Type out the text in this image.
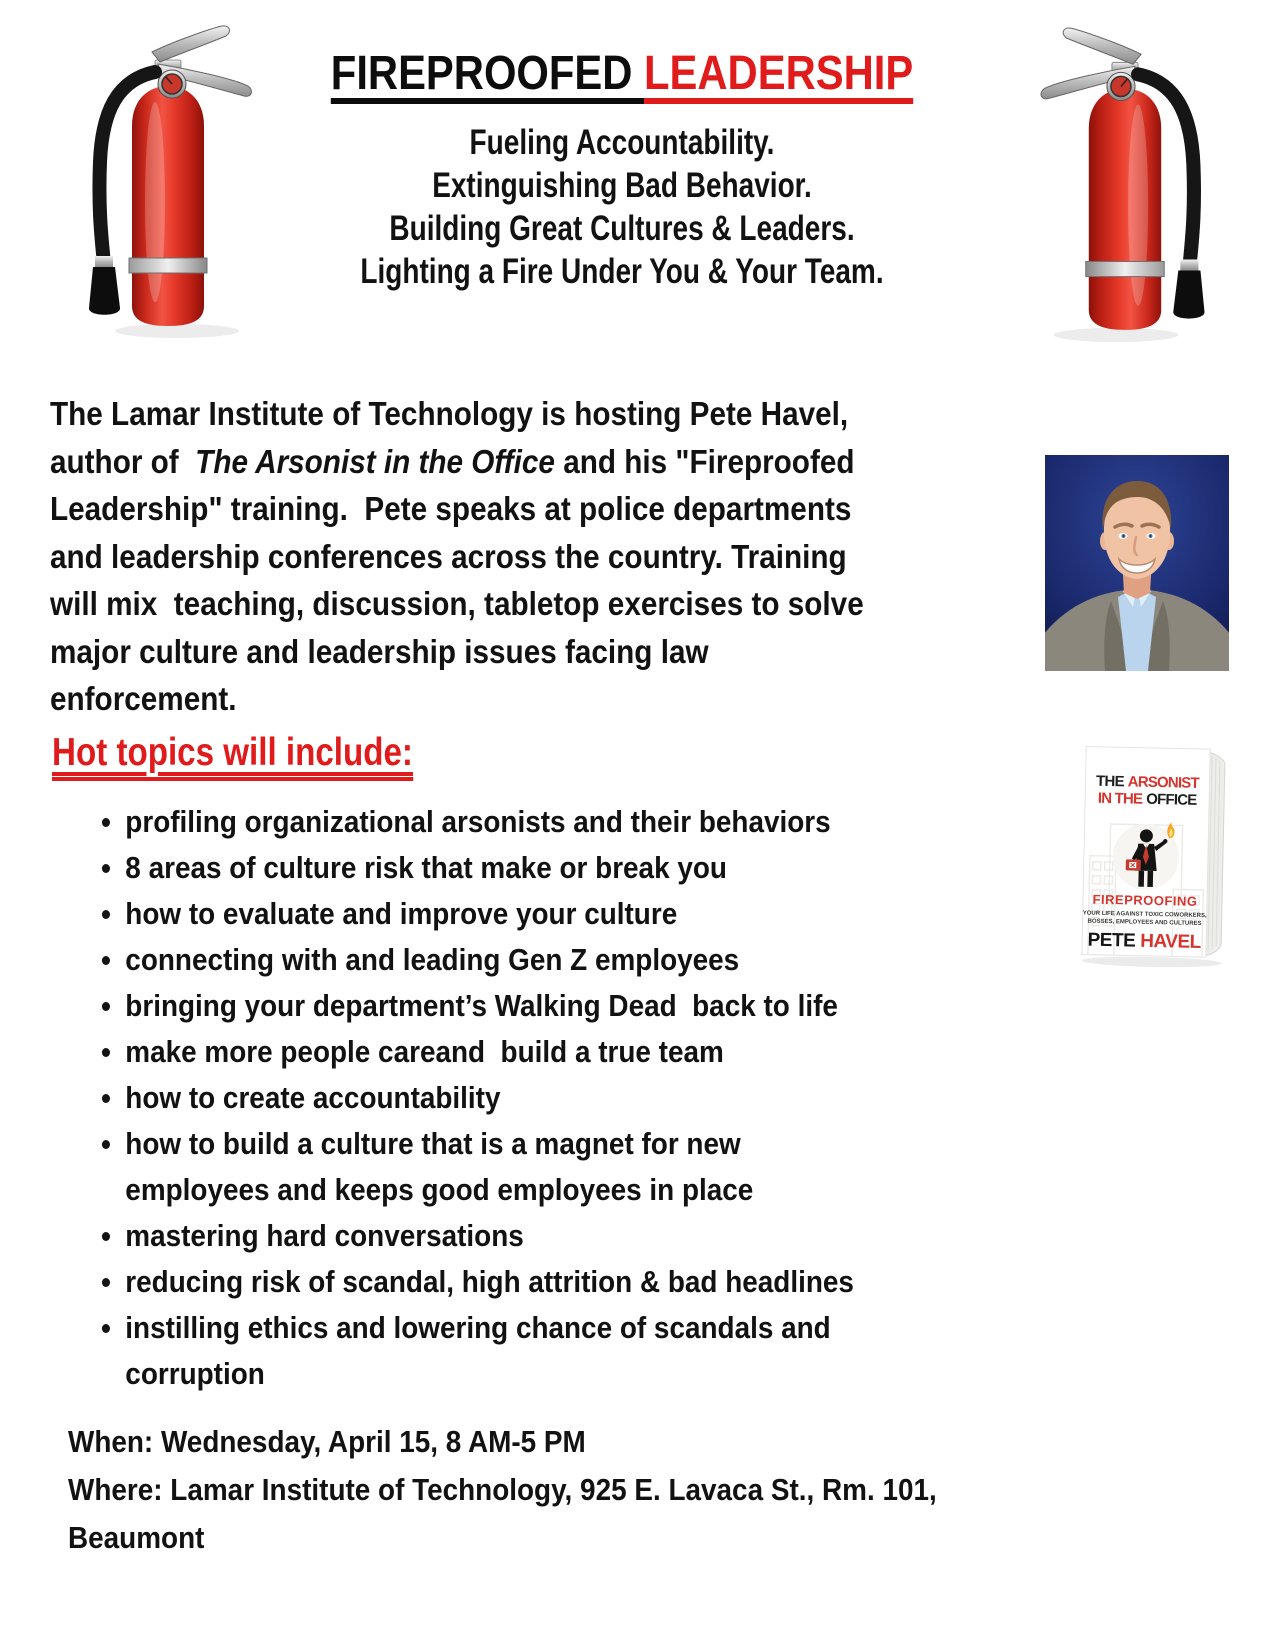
FIREPROOFED LEADERSHIP
Fueling Accountability.
Extinguishing Bad Behavior.
Building Great Cultures & Leaders.
Lighting a Fire Under You & Your Team.
The Lamar Institute of Technology is hosting Pete Havel,
author of  The Arsonist in the Office and his "Fireproofed
Leadership" training.  Pete speaks at police departments
and leadership conferences across the country. Training
will mix  teaching, discussion, tabletop exercises to solve
major culture and leadership issues facing law
enforcement.
Hot topics will include:
profiling organizational arsonists and their behaviors
8 areas of culture risk that make or break you
how to evaluate and improve your culture
connecting with and leading Gen Z employees
bringing your department’s Walking Dead  back to life
make more people careand  build a true team
how to create accountability
how to build a culture that is a magnet for new
employees and keeps good employees in place
mastering hard conversations
reducing risk of scandal, high attrition & bad headlines
instilling ethics and lowering chance of scandals and
corruption
THE ARSONIST
IN THE OFFICE
FIREPROOFING
YOUR LIFE AGAINST TOXIC COWORKERS,
BOSSES, EMPLOYEES AND CULTURES
PETE HAVEL
When: Wednesday, April 15, 8 AM-5 PM
Where: Lamar Institute of Technology, 925 E. Lavaca St., Rm. 101,
Beaumont
